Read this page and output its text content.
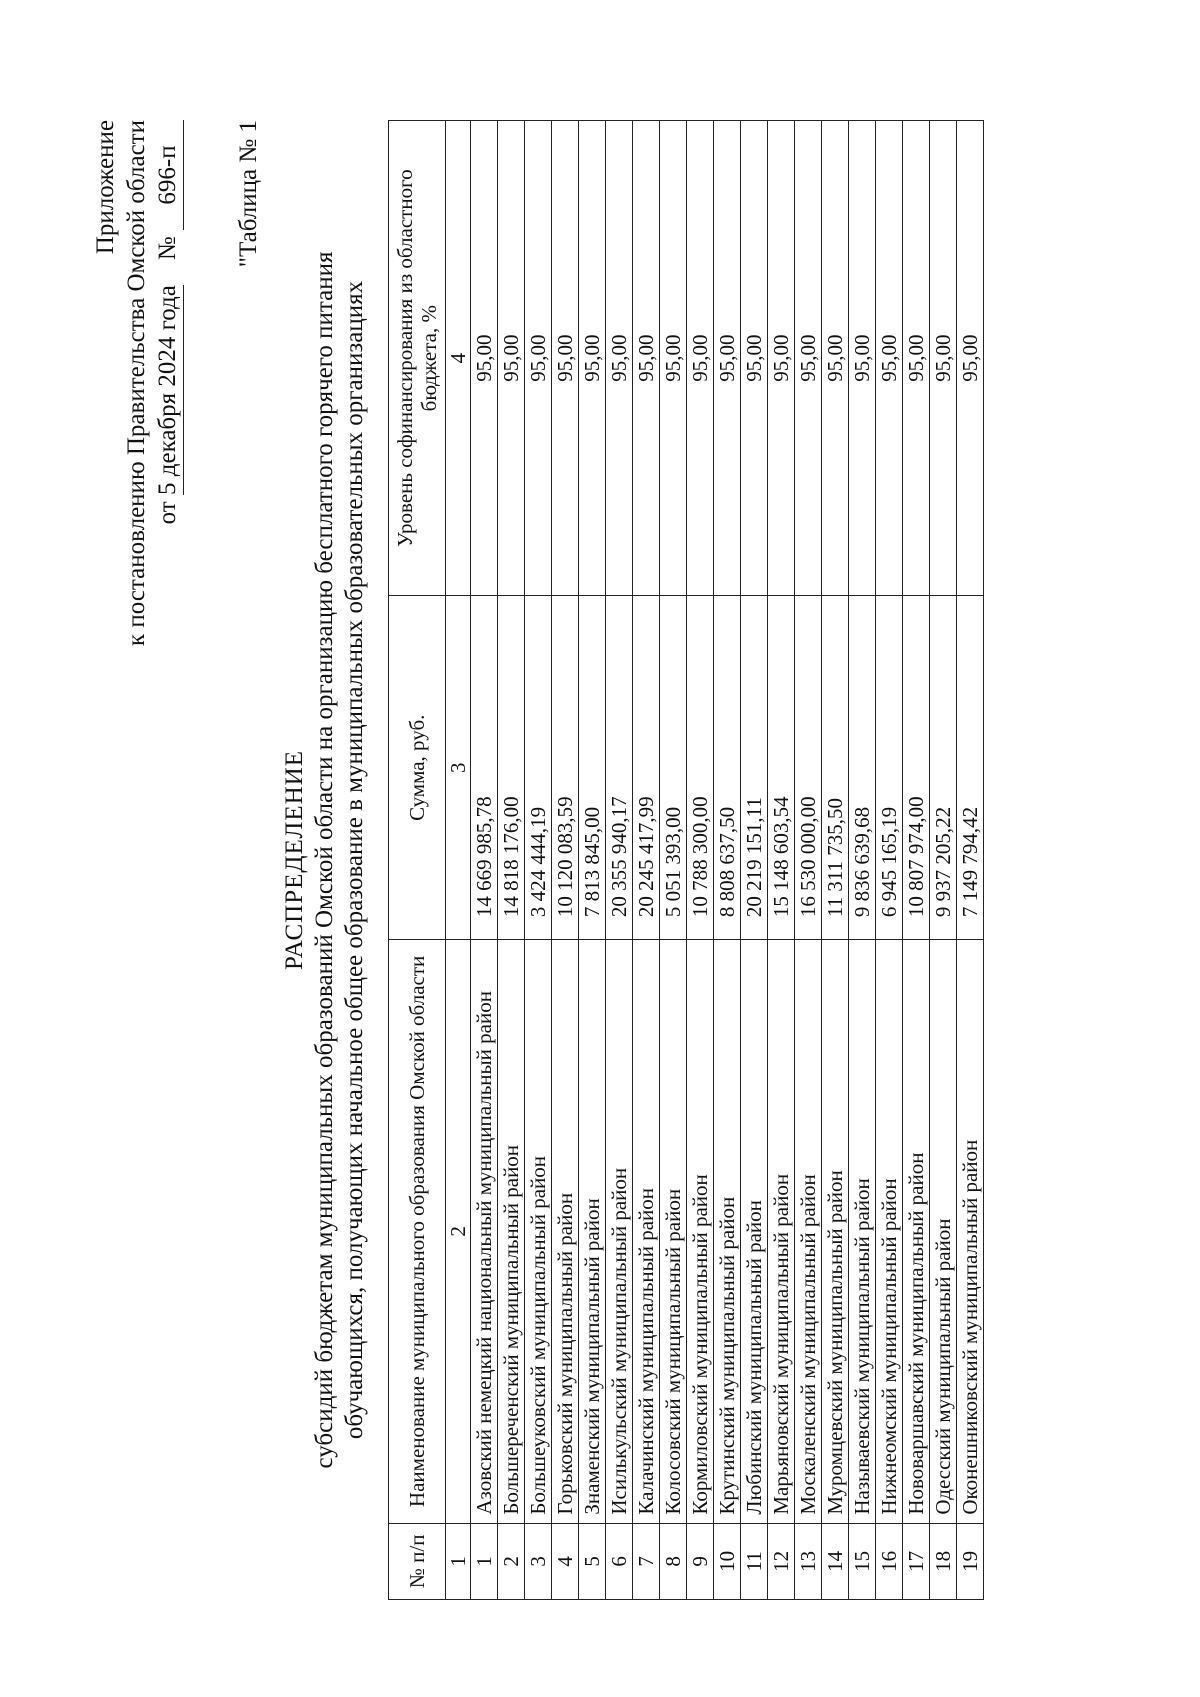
Приложение к постановлению Правительства Омской области от 5 декабря 2024 года    № 696-п "Таблица № 1
РАСПРЕДЕЛЕНИЕ субсидий бюджетам муниципальных образований Омской области на организацию бесплатного горячего питания обучающихся, получающих начальное общее образование в муниципальных образовательных организациях
№ п/п	Наименование муниципального образования Омской области	Сумма, руб.	Уровень софинансирования из областного бюджета, %
1	2	3	4
1	Азовский немецкий национальный муниципальный район	14 669 985,78	95,00
2	Большереченский муниципальный район	14 818 176,00	95,00
3	Большеуковский муниципальный район	3 424 444,19	95,00
4	Горьковский муниципальный район	10 120 083,59	95,00
5	Знаменский муниципальный район	7 813 845,00	95,00
6	Исилькульский муниципальный район	20 355 940,17	95,00
7	Калачинский муниципальный район	20 245 417,99	95,00
8	Колосовский муниципальный район	5 051 393,00	95,00
9	Кормиловский муниципальный район	10 788 300,00	95,00
10	Крутинский муниципальный район	8 808 637,50	95,00
11	Любинский муниципальный район	20 219 151,11	95,00
12	Марьяновский муниципальный район	15 148 603,54	95,00
13	Москаленский муниципальный район	16 530 000,00	95,00
14	Муромцевский муниципальный район	11 311 735,50	95,00
15	Называевский муниципальный район	9 836 639,68	95,00
16	Нижнеомский муниципальный район	6 945 165,19	95,00
17	Нововаршавский муниципальный район	10 807 974,00	95,00
18	Одесский муниципальный район	9 937 205,22	95,00
19	Оконешниковский муниципальный район	7 149 794,42	95,00
